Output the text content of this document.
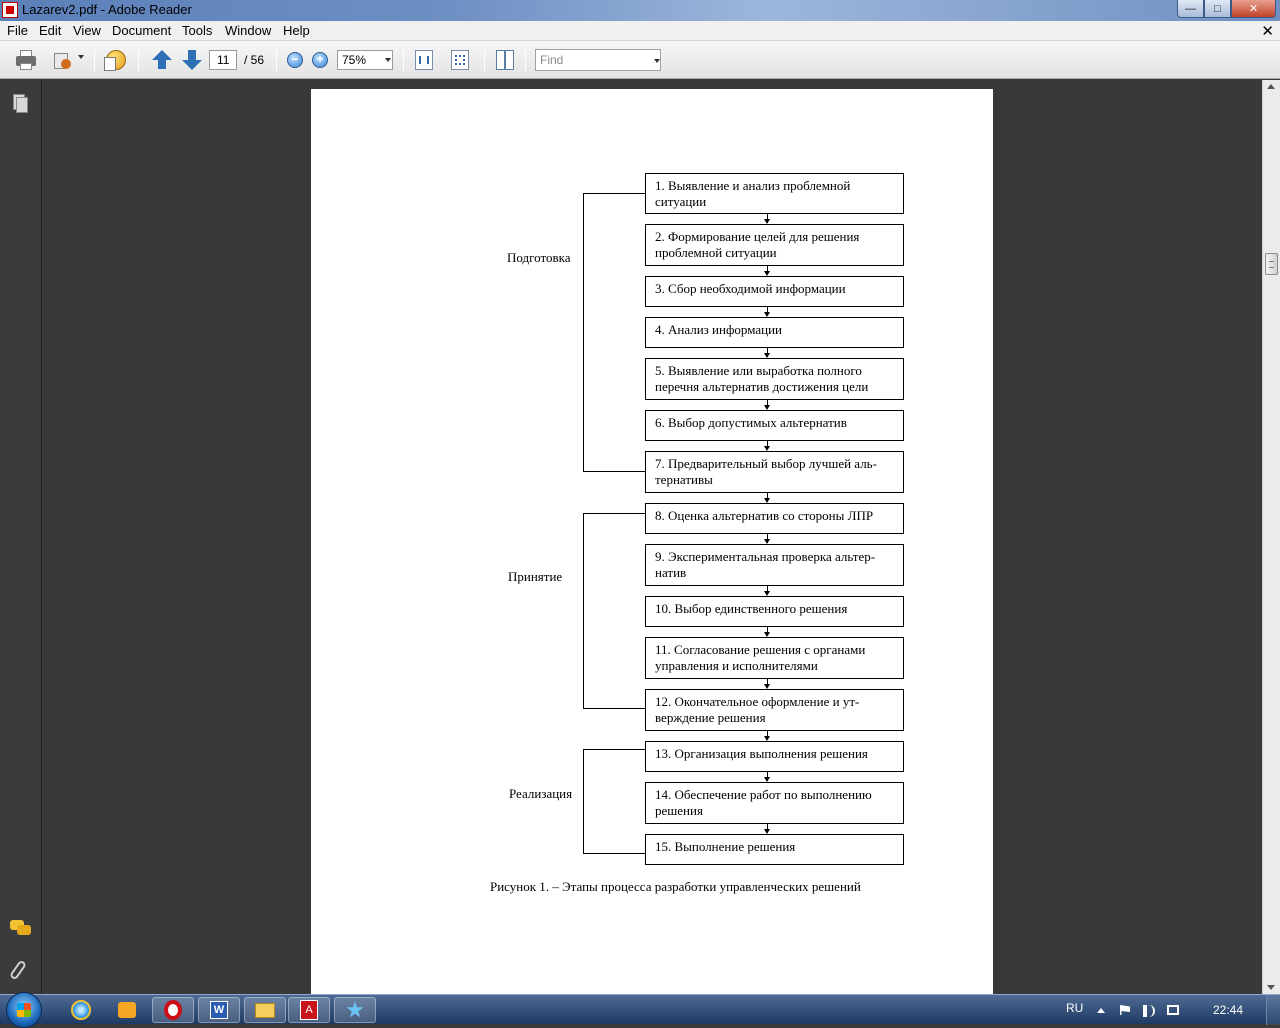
Lazarev2.pdf - Adobe Reader	—	□	✕
File Edit View Document Tools Window Help	✕
11	/ 56	−	+	75%	Find
Подготовка
Принятие
Реализация
1. Выявление и анализ проблемной ситуации
2. Формирование целей для решения проблемной ситуации
3. Сбор необходимой информации
4. Анализ информации
5. Выявление или выработка полного перечня альтернатив достижения цели
6. Выбор допустимых альтернатив
7. Предварительный выбор лучшей аль-тернативы
8. Оценка альтернатив со стороны ЛПР
9. Экспериментальная проверка альтер-натив
10. Выбор единственного решения
11. Согласование решения с органами управления и исполнителями
12. Окончательное оформление и ут-верждение решения
13. Организация выполнения решения
14. Обеспечение работ по выполнению решения
15. Выполнение решения
Рисунок 1. – Этапы процесса разработки управленческих решений
W	A	RU	22:44
